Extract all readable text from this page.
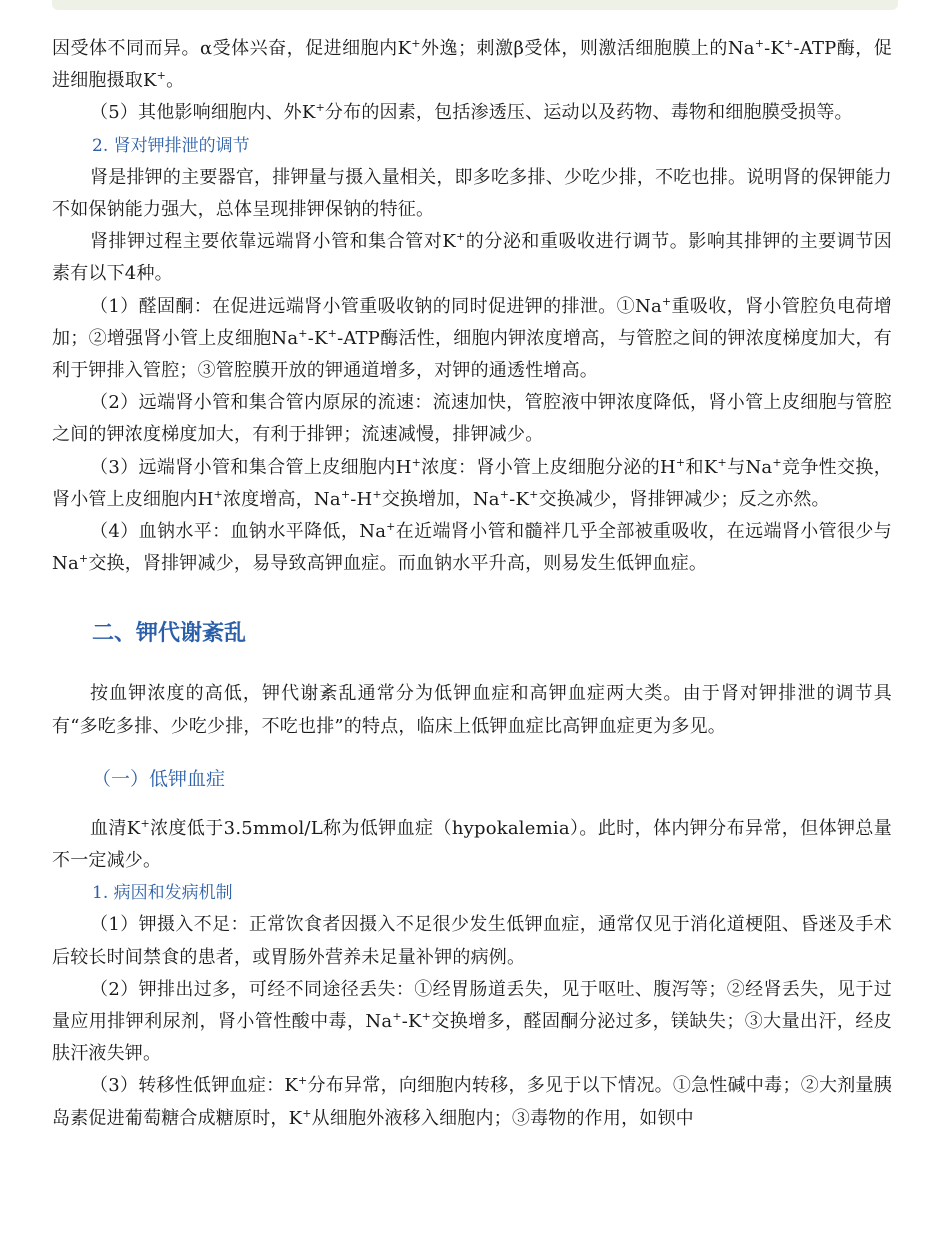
因受体不同而异。α受体兴奋，促进细胞内K+外逸；刺激β受体，则激活细胞膜上的Na+-K+-ATP酶，促进细胞摄取K+。

（5）其他影响细胞内、外K+分布的因素，包括渗透压、运动以及药物、毒物和细胞膜受损等。

2. 肾对钾排泄的调节

肾是排钾的主要器官，排钾量与摄入量相关，即多吃多排、少吃少排，不吃也排。说明肾的保钾能力不如保钠能力强大，总体呈现排钾保钠的特征。

肾排钾过程主要依靠远端肾小管和集合管对K+的分泌和重吸收进行调节。影响其排钾的主要调节因素有以下4种。

（1）醛固酮：在促进远端肾小管重吸收钠的同时促进钾的排泄。①Na+重吸收，肾小管腔负电荷增加；②增强肾小管上皮细胞Na+-K+-ATP酶活性，细胞内钾浓度增高，与管腔之间的钾浓度梯度加大，有利于钾排入管腔；③管腔膜开放的钾通道增多，对钾的通透性增高。

（2）远端肾小管和集合管内原尿的流速：流速加快，管腔液中钾浓度降低，肾小管上皮细胞与管腔之间的钾浓度梯度加大，有利于排钾；流速减慢，排钾减少。

（3）远端肾小管和集合管上皮细胞内H+浓度：肾小管上皮细胞分泌的H+和K+与Na+竞争性交换，肾小管上皮细胞内H+浓度增高，Na+-H+交换增加，Na+-K+交换减少，肾排钾减少；反之亦然。

（4）血钠水平：血钠水平降低，Na+在近端肾小管和髓袢几乎全部被重吸收，在远端肾小管很少与Na+交换，肾排钾减少，易导致高钾血症。而血钠水平升高，则易发生低钾血症。

二、钾代谢紊乱

按血钾浓度的高低，钾代谢紊乱通常分为低钾血症和高钾血症两大类。由于肾对钾排泄的调节具有“多吃多排、少吃少排，不吃也排”的特点，临床上低钾血症比高钾血症更为多见。

（一）低钾血症

血清K+浓度低于3.5mmol/L称为低钾血症（hypokalemia）。此时，体内钾分布异常，但体钾总量不一定减少。

1. 病因和发病机制

（1）钾摄入不足：正常饮食者因摄入不足很少发生低钾血症，通常仅见于消化道梗阻、昏迷及手术后较长时间禁食的患者，或胃肠外营养未足量补钾的病例。

（2）钾排出过多，可经不同途径丢失：①经胃肠道丢失，见于呕吐、腹泻等；②经肾丢失，见于过量应用排钾利尿剂，肾小管性酸中毒，Na+-K+交换增多，醛固酮分泌过多，镁缺失；③大量出汗，经皮肤汗液失钾。

（3）转移性低钾血症：K+分布异常，向细胞内转移，多见于以下情况。①急性碱中毒；②大剂量胰岛素促进葡萄糖合成糖原时，K+从细胞外液移入细胞内；③毒物的作用，如钡中
